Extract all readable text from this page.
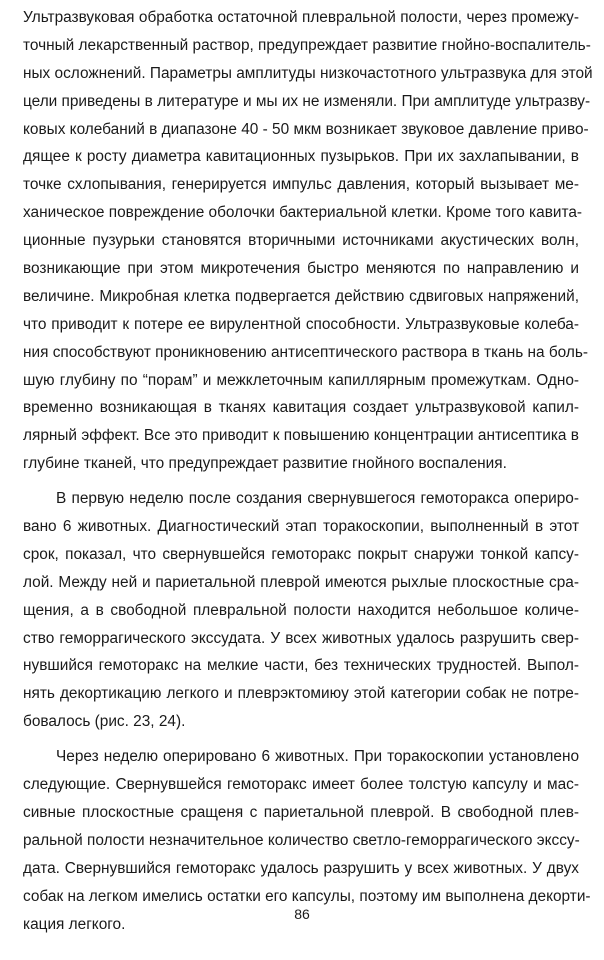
Ультразвуковая обработка остаточной плевральной полости, через промежу-
точный лекарственный раствор, предупреждает развитие гнойно-воспалитель-
ных осложнений. Параметры амплитуды низкочастотного ультразвука для этой
цели приведены в литературе и мы их не изменяли. При амплитуде ультразву-
ковых колебаний в диапазоне 40 - 50 мкм возникает звуковое давление приво-
дящее к росту диаметра кавитационных пузырьков. При их захлапывании, в
точке схлопывания, генерируется импульс давления, который вызывает ме-
ханическое повреждение оболочки бактериальной клетки. Кроме того кавита-
ционные пузурьки становятся вторичными источниками акустических волн,
возникающие при этом микротечения быстро меняются по направлению и
величине. Микробная клетка подвергается действию сдвиговых напряжений,
что приводит к потере ее вирулентной способности. Ультразвуковые колеба-
ния способствуют проникновению антисептического раствора в ткань на боль-
шую глубину по “порам” и межклеточным капиллярным промежуткам. Одно-
временно возникающая в тканях кавитация создает ультразвуковой капил-
лярный эффект. Все это приводит к повышению концентрации антисептика в
глубине тканей, что предупреждает развитие гнойного воспаления.

В первую неделю после создания свернувшегося гемоторакса опериро-
вано 6 животных. Диагностический этап торакоскопии, выполненный в этот
срок, показал, что свернувшейся гемоторакс покрыт снаружи тонкой капсу-
лой. Между ней и париетальной плеврой имеются рыхлые плоскостные сра-
щения, а в свободной плевральной полости находится небольшое количе-
ство геморрагического экссудата. У всех животных удалось разрушить свер-
нувшийся гемоторакс на мелкие части, без технических трудностей. Выпол-
нять декортикацию легкого и плеврэктомиюу этой категории собак не потре-
бовалось (рис. 23, 24).

Через неделю оперировано 6 животных. При торакоскопии установлено
следующие. Свернувшейся гемоторакс имеет более толстую капсулу и мас-
сивные плоскостные сращеня с париетальной плеврой. В свободной плев-
ральной полости незначительное количество светло-геморрагического экссу-
дата. Свернувшийся гемоторакс удалось разрушить у всех животных. У двух
собак на легком имелись остатки его капсулы, поэтому им выполнена декорти-
кация легкого.

86
